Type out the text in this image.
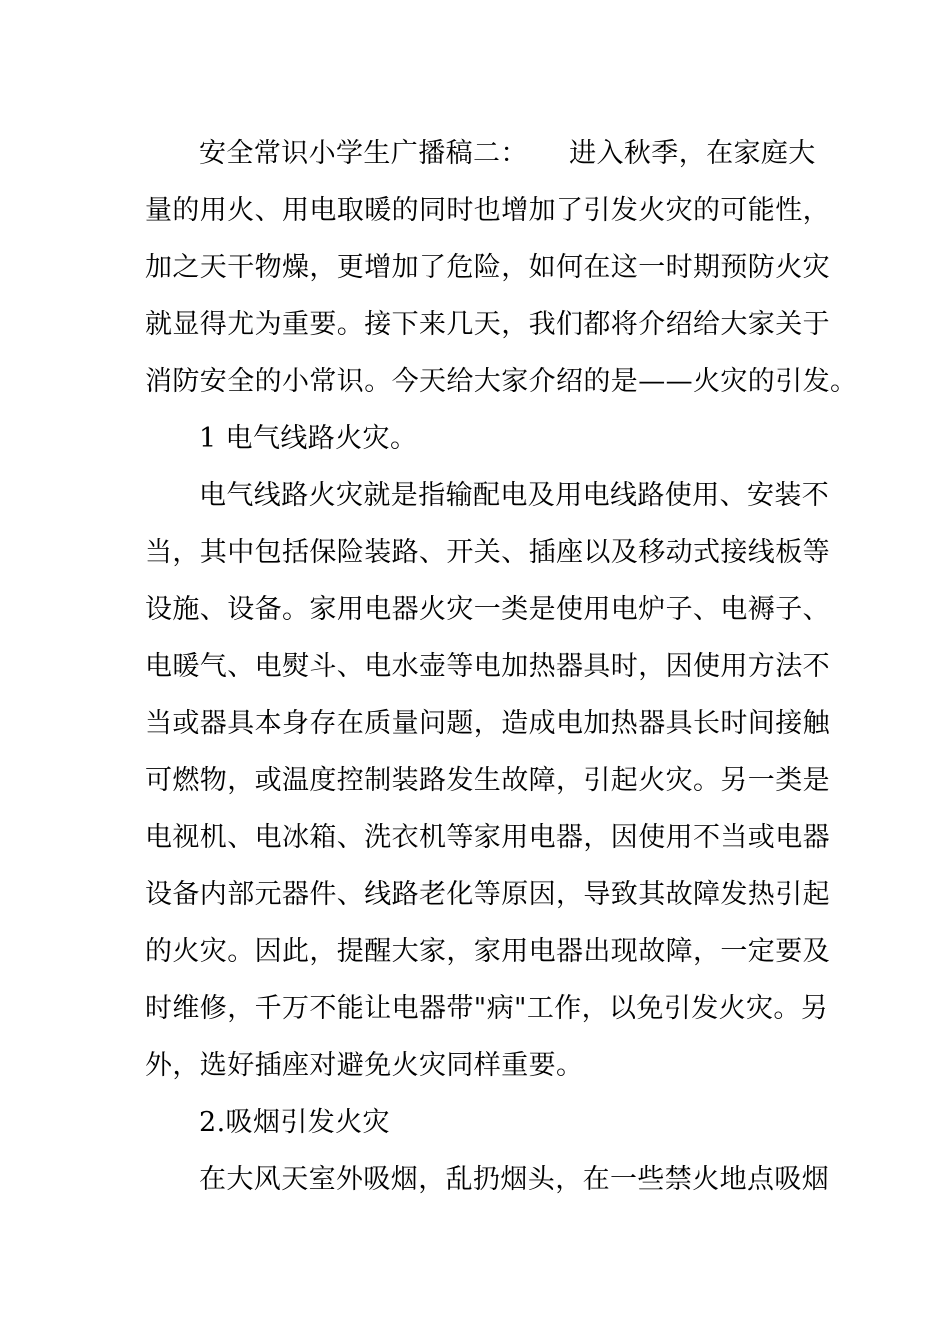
安全常识小学生广播稿二：　　进入秋季，在家庭大
量的用火、用电取暖的同时也增加了引发火灾的可能性，
加之天干物燥，更增加了危险，如何在这一时期预防火灾
就显得尤为重要。接下来几天，我们都将介绍给大家关于
消防安全的小常识。今天给大家介绍的是——火灾的引发。
1 电气线路火灾。
电气线路火灾就是指输配电及用电线路使用、安装不
当，其中包括保险装路、开关、插座以及移动式接线板等
设施、设备。家用电器火灾一类是使用电炉子、电褥子、
电暖气、电熨斗、电水壶等电加热器具时，因使用方法不
当或器具本身存在质量问题，造成电加热器具长时间接触
可燃物，或温度控制装路发生故障，引起火灾。另一类是
电视机、电冰箱、洗衣机等家用电器，因使用不当或电器
设备内部元器件、线路老化等原因，导致其故障发热引起
的火灾。因此，提醒大家，家用电器出现故障，一定要及
时维修，千万不能让电器带"病"工作，以免引发火灾。另
外，选好插座对避免火灾同样重要。
2.吸烟引发火灾
在大风天室外吸烟，乱扔烟头，在一些禁火地点吸烟
